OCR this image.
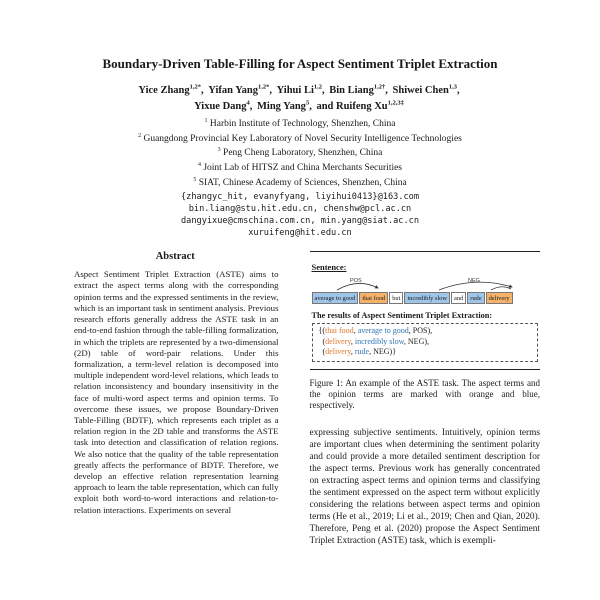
Boundary-Driven Table-Filling for Aspect Sentiment Triplet Extraction
Yice Zhang$^{1,2*}$, Yifan Yang$^{1,2*}$, Yihui Li$^{1,2}$, Bin Liang$^{1,2\dagger}$, Shiwei Chen$^{1,3}$,
Yixue Dang$^4$, Ming Yang$^5$, and Ruifeng $Xu^{1,2,3\ddagger}$
$^1$ Harbin Institute of Technology, Shenzhen, China
$^2$ Guangdong Provincial Key Laboratory of Novel Security Intelligence Technologies
$^3$ Peng Cheng Laboratory, Shenzhen, China
$^4$ Joint Lab of HITSZ and China Merchants Securities
$^5$ SIAT, Chinese Academy of Sciences, Shenzhen, China
{zhangyc_hit, evanyfyang, liyihui0413}@163.com
bin.liang@stu.hit.edu.cn, chenshw@pcl.ac.cn
dangyixue@cmschina.com.cn, min.yang@siat.ac.cn
xuruifeng@hit.edu.cn
Abstract

Aspect Sentiment Triplet Extraction (ASTE) aims to extract the aspect terms along with the corresponding opinion terms and the expressed sentiments in the review, which is an important task in sentiment analysis. Previous research efforts generally address the ASTE task in an end-to-end fashion through the table-filling formalization, in which the triplets are represented by a two-dimensional (2D) table of word-pair relations. Under this formalization, a term-level relation is decomposed into multiple independent word-level relations, which leads to relation inconsistency and boundary insensitivity in the face of multi-word aspect terms and opinion terms. To overcome these issues, we propose Boundary-Driven Table-Filling (BDTF), which represents each triplet as a relation region in the 2D table and transforms the ASTE task into detection and classification of relation regions. We also notice that the quality of the table representation greatly affects the performance of BDTF. Therefore, we develop an effective relation representation learning approach to learn the table representation, which can fully exploit both word-to-word interactions and relation-to-relation interactions. Experiments on several

Sentence:
POS	NEG
average to good thai food but incredibly slow and rude delivery
The results of Aspect Sentiment Triplet Extraction:
{(thai food, average to good, POS),
(delivery, incredibly slow, NEG),
(delivery, rude, NEG)}
Figure 1: An example of the ASTE task. The aspect terms and the opinion terms are marked with orange and blue, respectively.

expressing subjective sentiments. Intuitively, opinion terms are important clues when determining the sentiment polarity and could provide a more detailed sentiment description for the aspect terms. Previous work has generally concentrated on extracting aspect terms and opinion terms and classifying the sentiment expressed on the aspect term without explicitly considering the relations between aspect terms and opinion terms (He et al., 2019; Li et al., 2019; Chen and Qian, 2020). Therefore, Peng et al. (2020) propose the Aspect Sentiment Triplet Extraction (ASTE) task, which is exempli-
